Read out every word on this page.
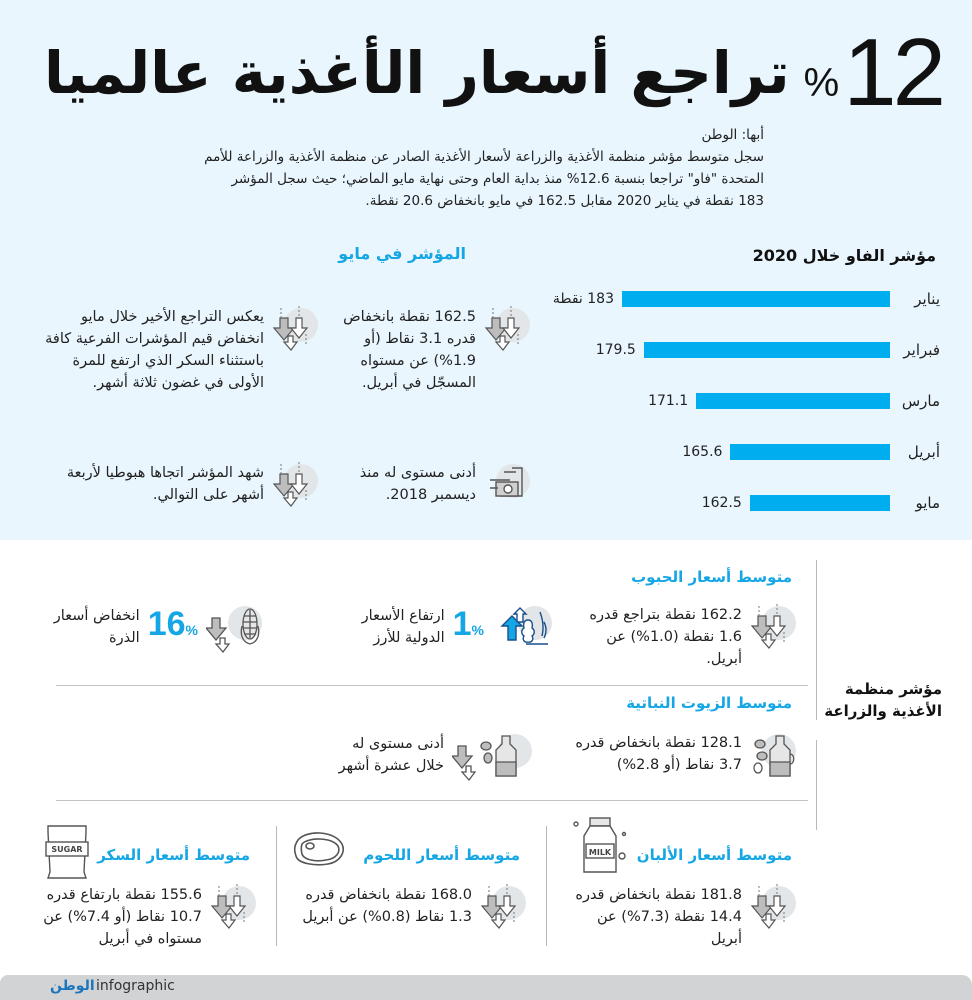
تراجع أسعار الأغذية عالميا % 12
أبها: الوطن
سجل متوسط مؤشر منظمة الأغذية والزراعة لأسعار الأغذية الصادر عن منظمة الأغذية والزراعة للأمم المتحدة "فاو" تراجعا بنسبة 12.6% منذ بداية العام وحتى نهاية مايو الماضي؛ حيث سجل المؤشر 183 نقطة في يناير 2020 مقابل 162.5 في مايو بانخفاض 20.6 نقطة.
مؤشر الفاو خلال 2020
يناير
183 نقطة
فبراير
179.5
مارس
171.1
أبريل
165.6
مايو
162.5
المؤشر في مايو
162.5 نقطة بانخفاض قدره 3.1 نقاط (أو 1.9%) عن مستواه المسجّل في أبريل.
يعكس التراجع الأخير خلال مايو انخفاض قيم المؤشرات الفرعية كافة باستثناء السكر الذي ارتفع للمرة الأولى في غضون ثلاثة أشهر.
أدنى مستوى له منذ ديسمبر 2018.
شهد المؤشر اتجاها هبوطيا لأربعة أشهر على التوالي.
مؤشر منظمة الأغذية والزراعة
متوسط أسعار الحبوب
162.2 نقطة بتراجع قدره 1.6 نقطة (1.0%) عن أبريل.
1%
ارتفاع الأسعار الدولية للأرز
16%
انخفاض أسعار
الذرة
متوسط الزيوت النباتية
128.1 نقطة بانخفاض قدره 3.7 نقاط (أو 2.8%)
أدنى مستوى له خلال عشرة أشهر
MILK متوسط أسعار الألبان
181.8 نقطة بانخفاض قدره 14.4 نقطة (7.3%) عن أبريل
متوسط أسعار اللحوم
168.0 نقطة بانخفاض قدره 1.3 نقاط (0.8%) عن أبريل
SUGAR متوسط أسعار السكر
155.6 نقطة بارتفاع قدره 10.7 نقاط (أو 7.4%) عن مستواه في أبريل
الوطن infographic
